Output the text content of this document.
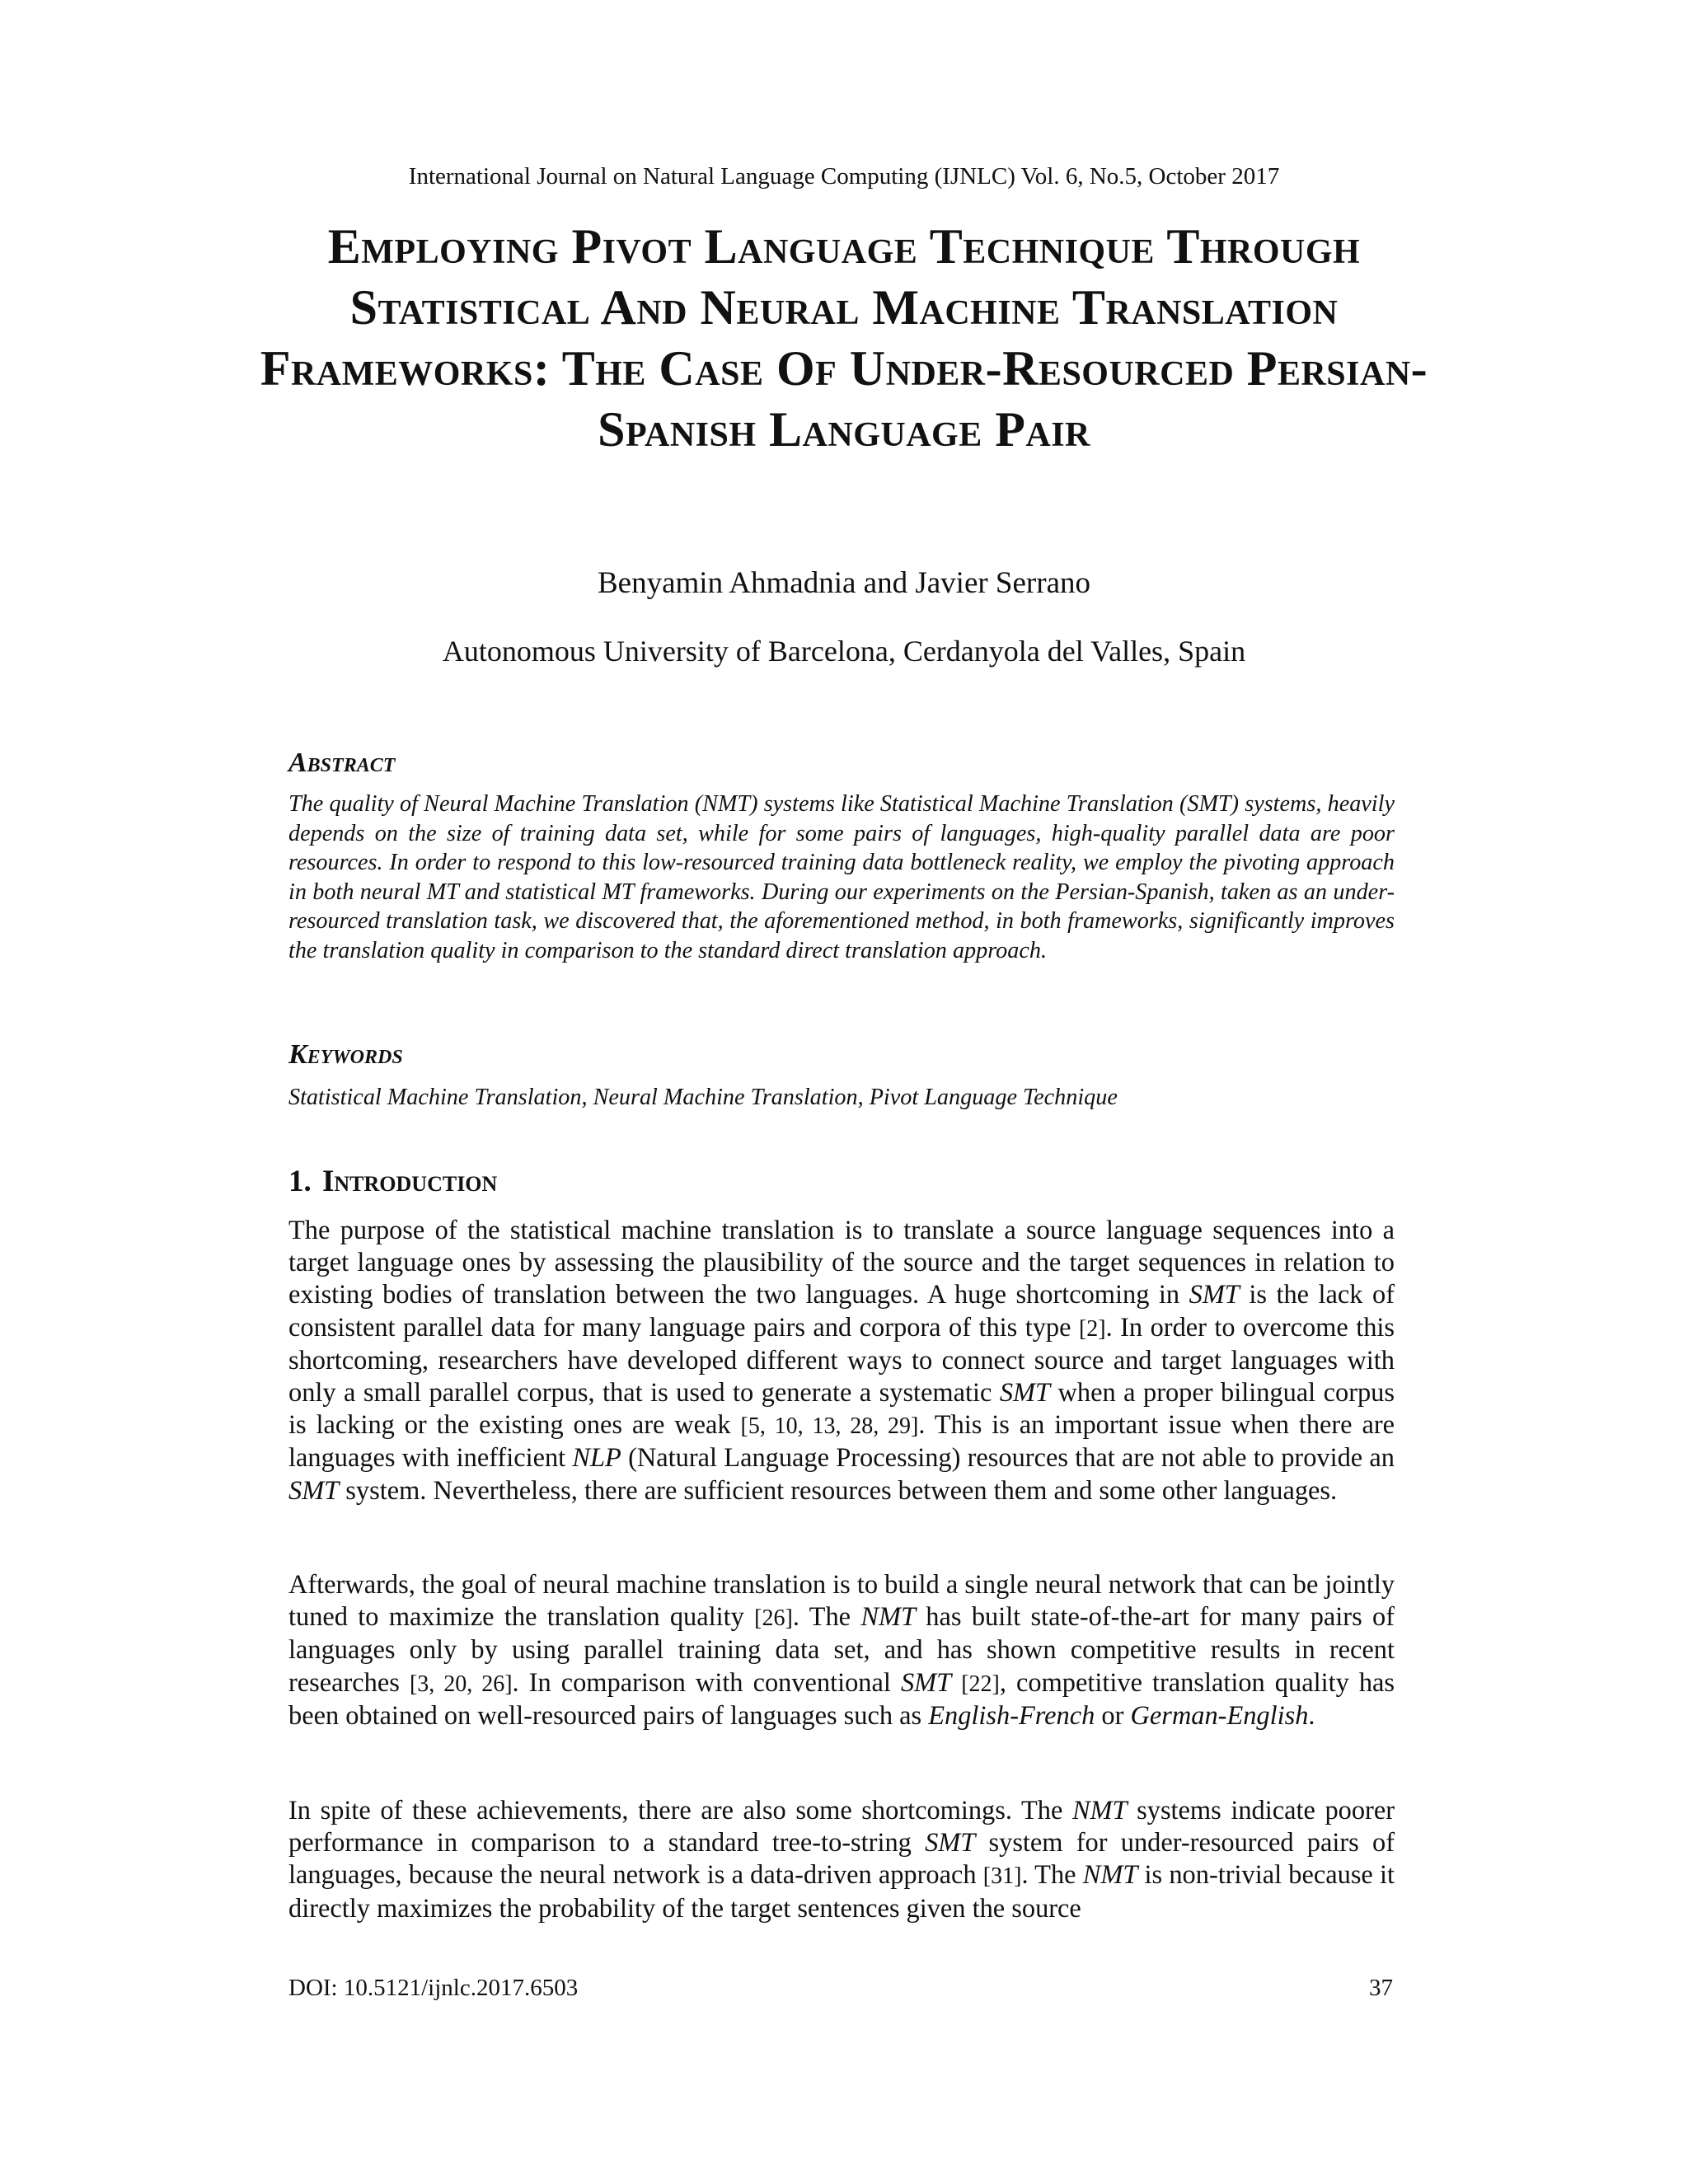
International Journal on Natural Language Computing (IJNLC) Vol. 6, No.5, October 2017
Employing Pivot Language Technique Through Statistical And Neural Machine Translation Frameworks: The Case Of Under-Resourced Persian-Spanish Language Pair
Benyamin Ahmadnia and Javier Serrano
Autonomous University of Barcelona, Cerdanyola del Valles, Spain
Abstract

The quality of Neural Machine Translation (NMT) systems like Statistical Machine Translation (SMT) systems, heavily depends on the size of training data set, while for some pairs of languages, high-quality parallel data are poor resources. In order to respond to this low-resourced training data bottleneck reality, we employ the pivoting approach in both neural MT and statistical MT frameworks. During our experiments on the Persian-Spanish, taken as an under-resourced translation task, we discovered that, the aforementioned method, in both frameworks, significantly improves the translation quality in comparison to the standard direct translation approach.

Keywords

Statistical Machine Translation, Neural Machine Translation, Pivot Language Technique

1. Introduction

The purpose of the statistical machine translation is to translate a source language sequences into a target language ones by assessing the plausibility of the source and the target sequences in relation to existing bodies of translation between the two languages. A huge shortcoming in SMT is the lack of consistent parallel data for many language pairs and corpora of this type [2]. In order to overcome this shortcoming, researchers have developed different ways to connect source and target languages with only a small parallel corpus, that is used to generate a systematic SMT when a proper bilingual corpus is lacking or the existing ones are weak [5, 10, 13, 28, 29]. This is an important issue when there are languages with inefficient NLP (Natural Language Processing) resources that are not able to provide an SMT system. Nevertheless, there are sufficient resources between them and some other languages.

Afterwards, the goal of neural machine translation is to build a single neural network that can be jointly tuned to maximize the translation quality [26]. The NMT has built state-of-the-art for many pairs of languages only by using parallel training data set, and has shown competitive results in recent researches [3, 20, 26]. In comparison with conventional SMT [22], competitive translation quality has been obtained on well-resourced pairs of languages such as English-French or German-English.

In spite of these achievements, there are also some shortcomings. The NMT systems indicate poorer performance in comparison to a standard tree-to-string SMT system for under-resourced pairs of languages, because the neural network is a data-driven approach [31]. The NMT is non-trivial because it directly maximizes the probability of the target sentences given the source

DOI: 10.5121/ijnlc.2017.6503	37
